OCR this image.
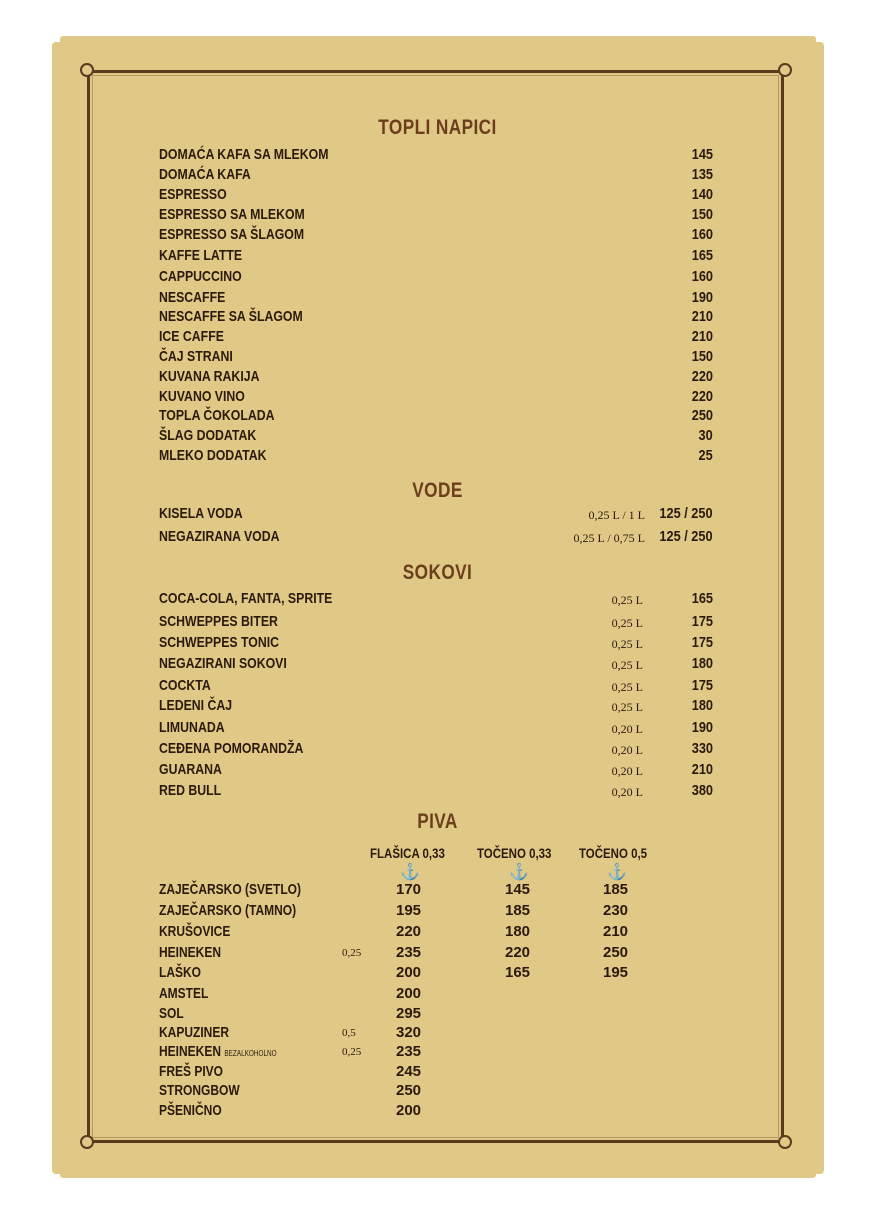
TOPLI NAPICI
DOMAĆA KAFA SA MLEKOM	145
DOMAĆA KAFA	135
ESPRESSO	140
ESPRESSO SA MLEKOM	150
ESPRESSO SA ŠLAGOM	160
KAFFE LATTE	165
CAPPUCCINO	160
NESCAFFE	190
NESCAFFE SA ŠLAGOM	210
ICE CAFFE	210
ČAJ STRANI	150
KUVANA RAKIJA	220
KUVANO VINO	220
TOPLA ČOKOLADA	250
ŠLAG DODATAK	30
MLEKO DODATAK	25
VODE
KISELA VODA	0,25 L / 1 L 125 / 250
NEGAZIRANA VODA	0,25 L / 0,75 L 125 / 250
SOKOVI
COCA-COLA, FANTA, SPRITE	0,25 L	165
SCHWEPPES BITER	0,25 L	175
SCHWEPPES TONIC	0,25 L	175
NEGAZIRANI SOKOVI	0,25 L	180
COCKTA	0,25 L	175
LEDENI ČAJ	0,25 L	180
LIMUNADA	0,20 L	190
CEĐENA POMORANDŽA	0,20 L	330
GUARANA	0,20 L	210
RED BULL	0,20 L	380
PIVA
FLAŠICA 0,33 TOČENO 0,33 TOČENO 0,5
⚓	⚓	⚓
ZAJEČARSKO (SVETLO)	170	145	185
ZAJEČARSKO (TAMNO)	195	185	230
KRUŠOVICE	220	180	210
HEINEKEN	0,25 235	220	250
LAŠKO	200	165	195
AMSTEL	200
SOL	295
KAPUZINER	0,5	320
HEINEKEN BEZALKOHOLNO	0,25 235
FREŠ PIVO	245
STRONGBOW	250
PŠENIČNO	200
